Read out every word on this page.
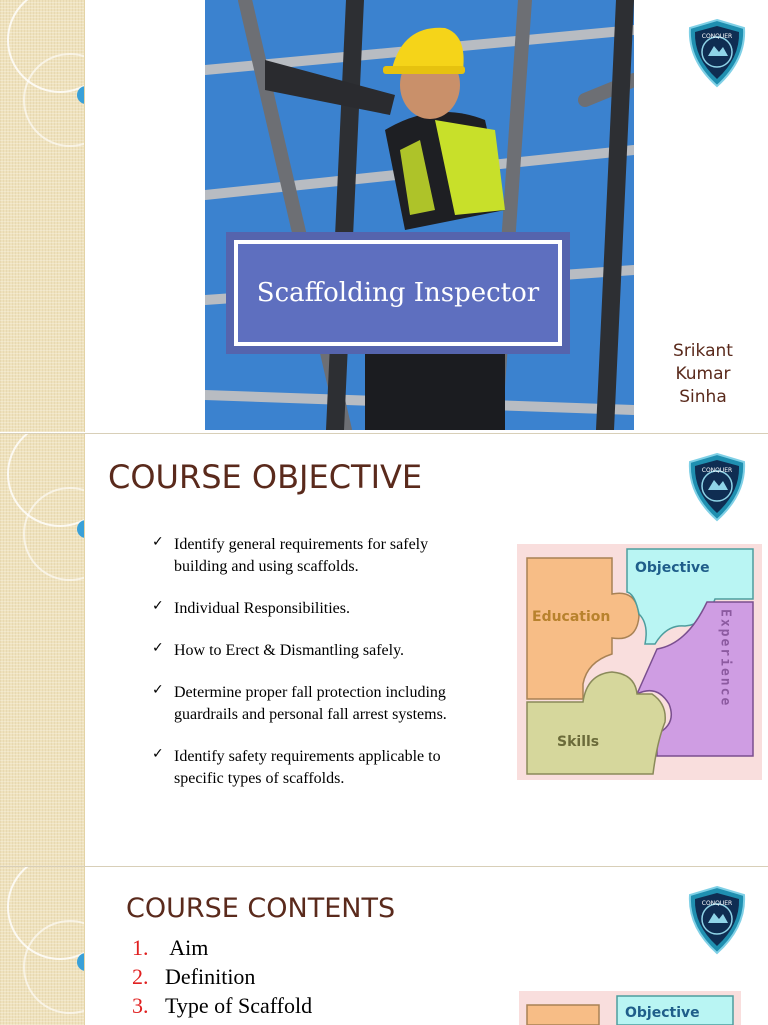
Scaffolding Inspector
CONQUER
Srikant
Kumar
Sinha
COURSE OBJECTIVE	CONQUER
✓ Identify general requirements for safely
building and using scaffolds.
✓ Individual Responsibilities.
✓ How to Erect & Dismantling safely.
✓ Determine proper fall protection including
guardrails and personal fall arrest systems.
✓ Identify safety requirements applicable to
specific types of scaffolds.
Objective
Education
Skills
Experience
COURSE CONTENTS	CONQUER
1. Aim
2. Definition
3. Type of Scaffold	Objective
